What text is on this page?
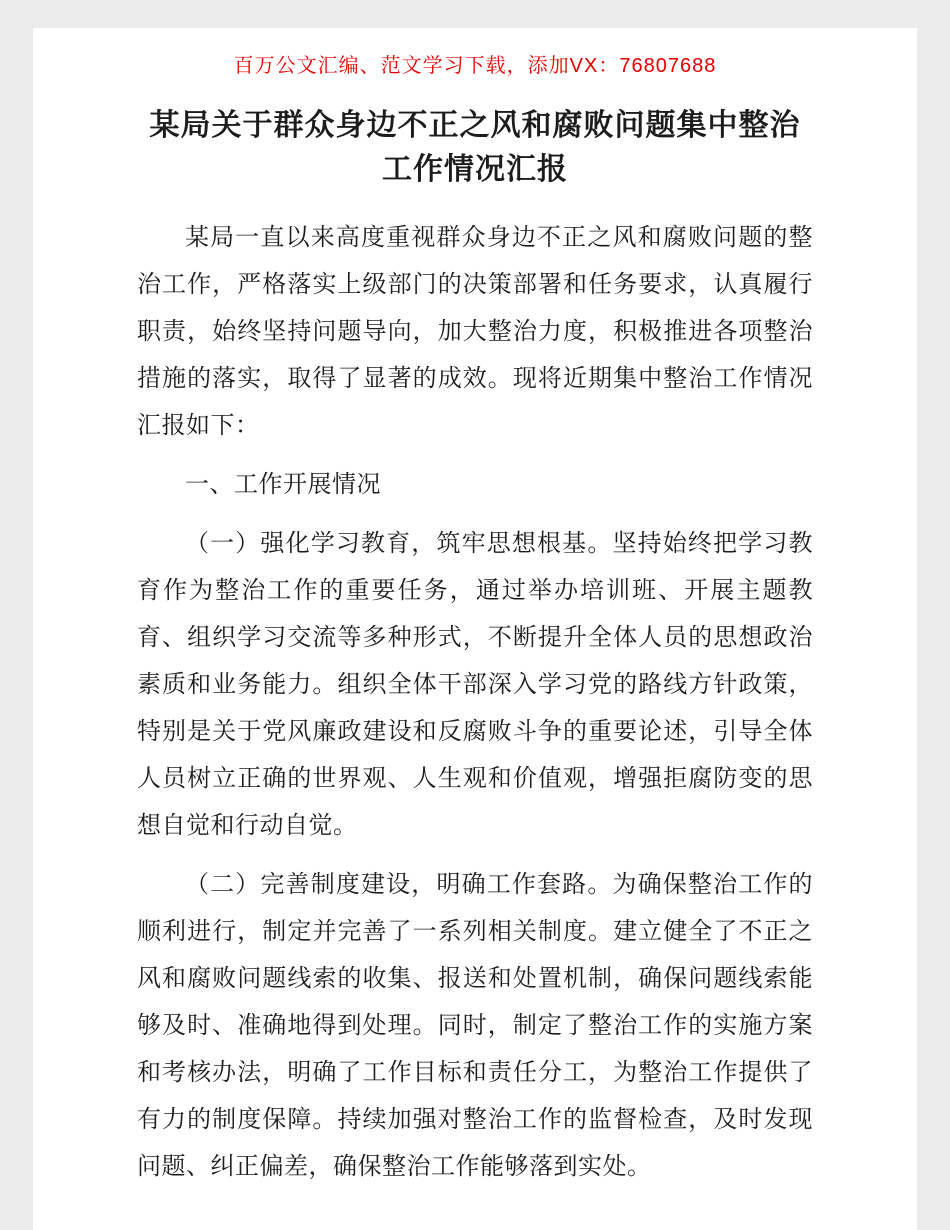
百万公文汇编、范文学习下载，添加VX：76807688
某局关于群众身边不正之风和腐败问题集中整治工作情况汇报

某局一直以来高度重视群众身边不正之风和腐败问题的整治工作，严格落实上级部门的决策部署和任务要求，认真履行职责，始终坚持问题导向，加大整治力度，积极推进各项整治措施的落实，取得了显著的成效。现将近期集中整治工作情况汇报如下：

一、工作开展情况

（一）强化学习教育，筑牢思想根基。坚持始终把学习教育作为整治工作的重要任务，通过举办培训班、开展主题教育、组织学习交流等多种形式，不断提升全体人员的思想政治素质和业务能力。组织全体干部深入学习党的路线方针政策，特别是关于党风廉政建设和反腐败斗争的重要论述，引导全体人员树立正确的世界观、人生观和价值观，增强拒腐防变的思想自觉和行动自觉。

（二）完善制度建设，明确工作套路。为确保整治工作的顺利进行，制定并完善了一系列相关制度。建立健全了不正之风和腐败问题线索的收集、报送和处置机制，确保问题线索能够及时、准确地得到处理。同时，制定了整治工作的实施方案和考核办法，明确了工作目标和责任分工，为整治工作提供了有力的制度保障。持续加强对整治工作的监督检查，及时发现问题、纠正偏差，确保整治工作能够落到实处。
